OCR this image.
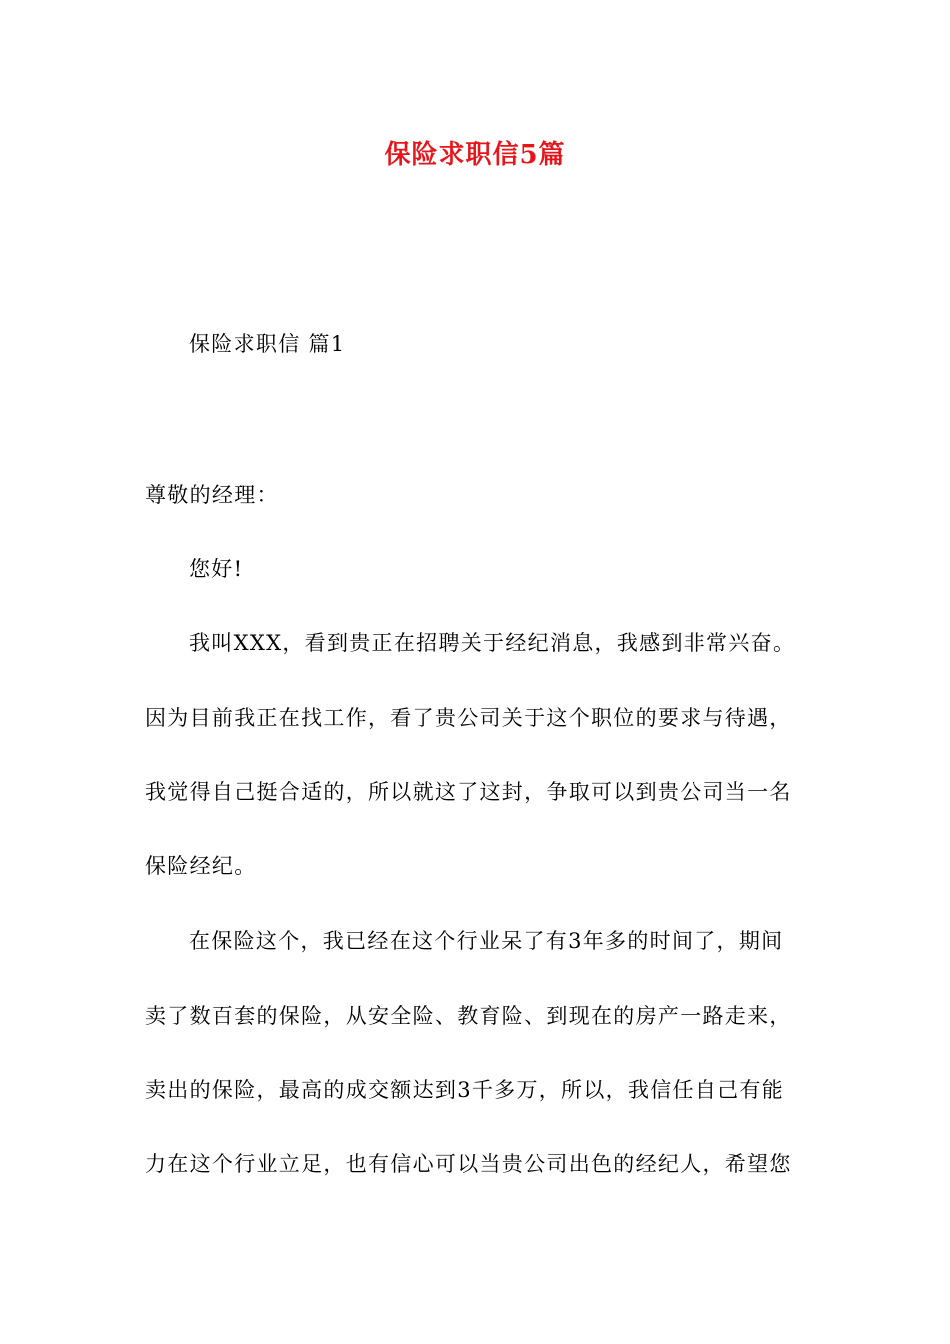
保险求职信5篇
保险求职信 篇1
尊敬的经理：
您好!
我叫XXX，看到贵正在招聘关于经纪消息，我感到非常兴奋。
因为目前我正在找工作，看了贵公司关于这个职位的要求与待遇，
我觉得自己挺合适的，所以就这了这封，争取可以到贵公司当一名
保险经纪。
在保险这个，我已经在这个行业呆了有3年多的时间了，期间
卖了数百套的保险，从安全险、教育险、到现在的房产一路走来，
卖出的保险，最高的成交额达到3千多万，所以，我信任自己有能
力在这个行业立足，也有信心可以当贵公司出色的经纪人，希望您
